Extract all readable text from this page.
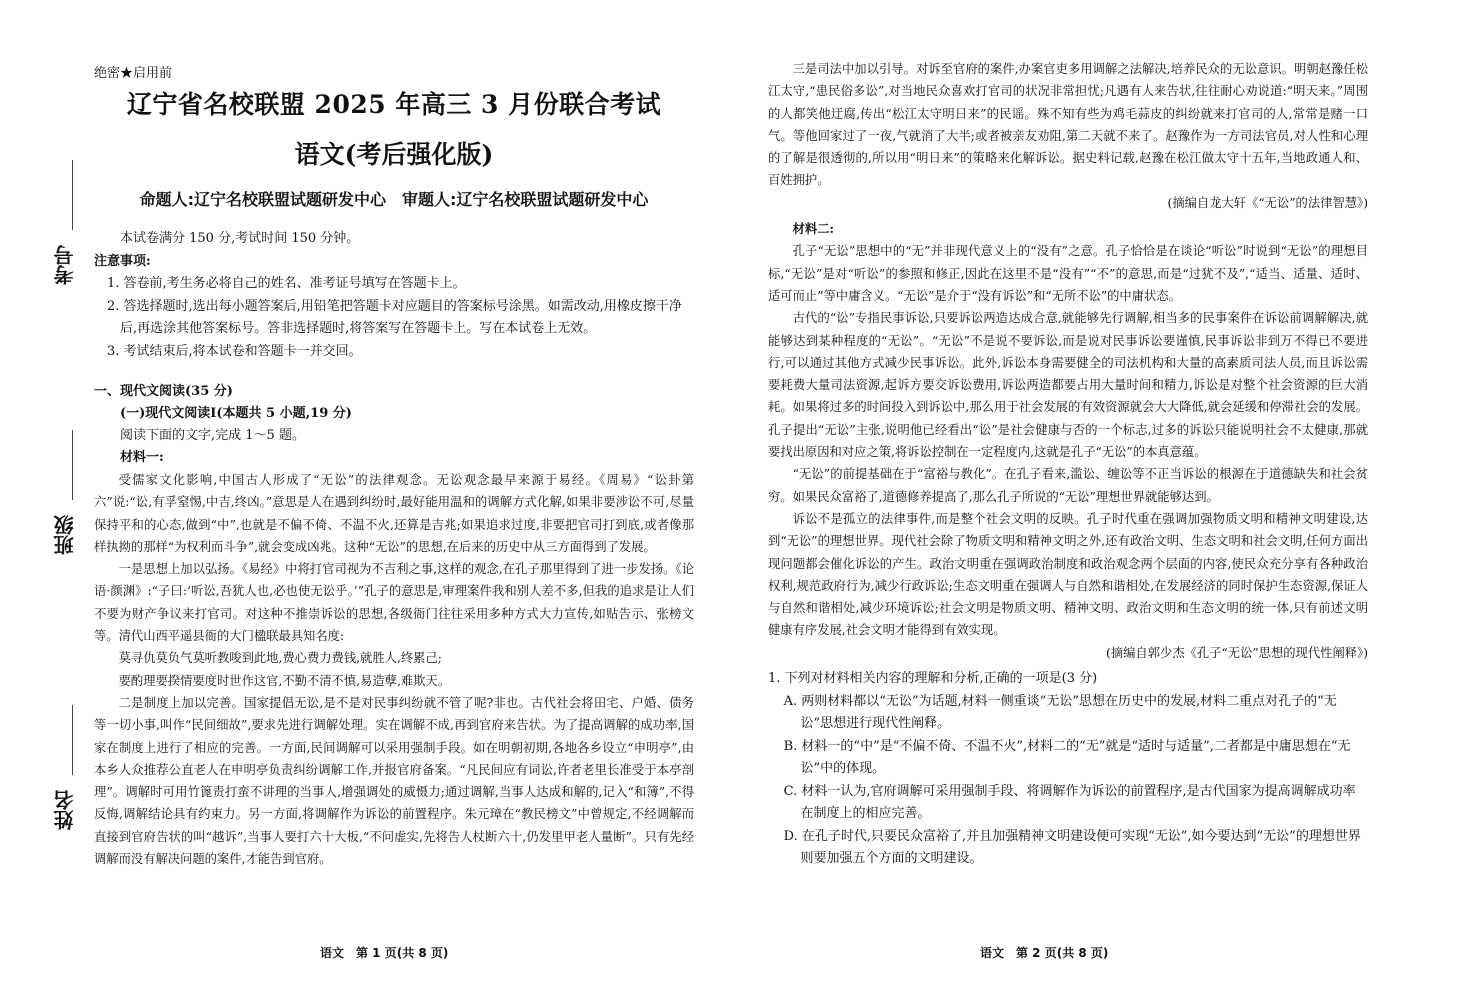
考号
班级
姓名
绝密★启用前
辽宁省名校联盟 2025 年高三 3 月份联合考试
语文(考后强化版)
命题人:辽宁名校联盟试题研发中心　审题人:辽宁名校联盟试题研发中心
本试卷满分 150 分,考试时间 150 分钟。
注意事项:
1. 答卷前,考生务必将自己的姓名、准考证号填写在答题卡上。
2. 答选择题时,选出每小题答案后,用铅笔把答题卡对应题目的答案标号涂黑。如需改动,用橡皮擦干净后,再选涂其他答案标号。答非选择题时,将答案写在答题卡上。写在本试卷上无效。
3. 考试结束后,将本试卷和答题卡一并交回。
一、现代文阅读(35 分)
(一)现代文阅读Ⅰ(本题共 5 小题,19 分)
阅读下面的文字,完成 1～5 题。
材料一:

受儒家文化影响,中国古人形成了“无讼”的法律观念。无讼观念最早来源于易经。《周易》“讼卦第六”说:“讼,有孚窒惕,中吉,终凶。”意思是人在遇到纠纷时,最好能用温和的调解方式化解,如果非要涉讼不可,尽量保持平和的心态,做到“中”,也就是不偏不倚、不温不火,还算是吉兆;如果追求过度,非要把官司打到底,或者像那样执拗的那样“为权利而斗争”,就会变成凶兆。这种“无讼”的思想,在后来的历史中从三方面得到了发展。

一是思想上加以弘扬。《易经》中将打官司视为不吉利之事,这样的观念,在孔子那里得到了进一步发扬。《论语·颜渊》:“子曰:‘听讼,吾犹人也,必也使无讼乎。’”孔子的意思是,审理案件我和别人差不多,但我的追求是让人们不要为财产争议来打官司。对这种不推崇诉讼的思想,各级衙门往往采用多种方式大力宣传,如贴告示、张榜文等。清代山西平遥县衙的大门楹联最具知名度:

莫寻仇莫负气莫听教唆到此地,费心费力费钱,就胜人,终累己;

要酌理要揆情要度时世作这官,不勤不清不慎,易造孽,难欺天。

二是制度上加以完善。国家提倡无讼,是不是对民事纠纷就不管了呢?非也。古代社会将田宅、户婚、债务等一切小事,叫作“民间细故”,要求先进行调解处理。实在调解不成,再到官府来告状。为了提高调解的成功率,国家在制度上进行了相应的完善。一方面,民间调解可以采用强制手段。如在明朝初期,各地各乡设立“申明亭”,由本乡人众推荐公直老人在申明亭负责纠纷调解工作,并报官府备案。“凡民间应有词讼,许者老里长准受于本亭剖理”。调解时可用竹篦责打蛮不讲理的当事人,增强调处的威慑力;通过调解,当事人达成和解的,记入“和簿”,不得反悔,调解结论具有约束力。另一方面,将调解作为诉讼的前置程序。朱元璋在“教民榜文”中曾规定,不经调解而直接到官府告状的叫“越诉”,当事人要打六十大板,“不问虚实,先将告人杖断六十,仍发里甲老人量断”。只有先经调解而没有解决问题的案件,才能告到官府。

语文　第 1 页(共 8 页)

三是司法中加以引导。对诉至官府的案件,办案官吏多用调解之法解决,培养民众的无讼意识。明朝赵豫任松江太守,“患民俗多讼”,对当地民众喜欢打官司的状况非常担忧;凡遇有人来告状,往往耐心劝说道:“明天来。”周围的人都笑他迂腐,传出“松江太守明日来”的民谣。殊不知有些为鸡毛蒜皮的纠纷就来打官司的人,常常是赌一口气。等他回家过了一夜,气就消了大半;或者被亲友劝阻,第二天就不来了。赵豫作为一方司法官员,对人性和心理的了解是很透彻的,所以用“明日来”的策略来化解诉讼。据史料记载,赵豫在松江做太守十五年,当地政通人和、百姓拥护。

(摘编自龙大轩《“无讼”的法律智慧》)

材料二:

孔子“无讼”思想中的“无”并非现代意义上的“没有”之意。孔子恰恰是在谈论“听讼”时说到“无讼”的理想目标,“无讼”是对“听讼”的参照和修正,因此在这里不是“没有”“不”的意思,而是“过犹不及”,“适当、适量、适时、适可而止”等中庸含义。“无讼”是介于“没有诉讼”和“无所不讼”的中庸状态。

古代的“讼”专指民事诉讼,只要诉讼两造达成合意,就能够先行调解,相当多的民事案件在诉讼前调解解决,就能够达到某种程度的“无讼”。“无讼”不是说不要诉讼,而是说对民事诉讼要谨慎,民事诉讼非到万不得已不要进行,可以通过其他方式减少民事诉讼。此外,诉讼本身需要健全的司法机构和大量的高素质司法人员,而且诉讼需要耗费大量司法资源,起诉方要交诉讼费用,诉讼两造都要占用大量时间和精力,诉讼是对整个社会资源的巨大消耗。如果将过多的时间投入到诉讼中,那么用于社会发展的有效资源就会大大降低,就会延缓和停滞社会的发展。孔子提出“无讼”主张,说明他已经看出“讼”是社会健康与否的一个标志,过多的诉讼只能说明社会不太健康,那就要找出原因和对应之策,将诉讼控制在一定程度内,这就是孔子“无讼”的本真意蕴。

“无讼”的前提基础在于“富裕与教化”。在孔子看来,滥讼、缠讼等不正当诉讼的根源在于道德缺失和社会贫穷。如果民众富裕了,道德修养提高了,那么孔子所说的“无讼”理想世界就能够达到。

诉讼不是孤立的法律事件,而是整个社会文明的反映。孔子时代重在强调加强物质文明和精神文明建设,达到“无讼”的理想世界。现代社会除了物质文明和精神文明之外,还有政治文明、生态文明和社会文明,任何方面出现问题都会催化诉讼的产生。政治文明重在强调政治制度和政治观念两个层面的内容,使民众充分享有各种政治权利,规范政府行为,减少行政诉讼;生态文明重在强调人与自然和谐相处,在发展经济的同时保护生态资源,保证人与自然和谐相处,减少环境诉讼;社会文明是物质文明、精神文明、政治文明和生态文明的统一体,只有前述文明健康有序发展,社会文明才能得到有效实现。

(摘编自郭少杰《孔子“无讼”思想的现代性阐释》)

1. 下列对材料相关内容的理解和分析,正确的一项是(3 分)
A. 两则材料都以“无讼”为话题,材料一侧重谈“无讼”思想在历史中的发展,材料二重点对孔子的“无讼”思想进行现代性阐释。
B. 材料一的“中”是“不偏不倚、不温不火”,材料二的“无”就是“适时与适量”,二者都是中庸思想在“无讼”中的体现。
C. 材料一认为,官府调解可采用强制手段、将调解作为诉讼的前置程序,是古代国家为提高调解成功率在制度上的相应完善。
D. 在孔子时代,只要民众富裕了,并且加强精神文明建设便可实现“无讼”,如今要达到“无讼”的理想世界则要加强五个方面的文明建设。
语文　第 2 页(共 8 页)
